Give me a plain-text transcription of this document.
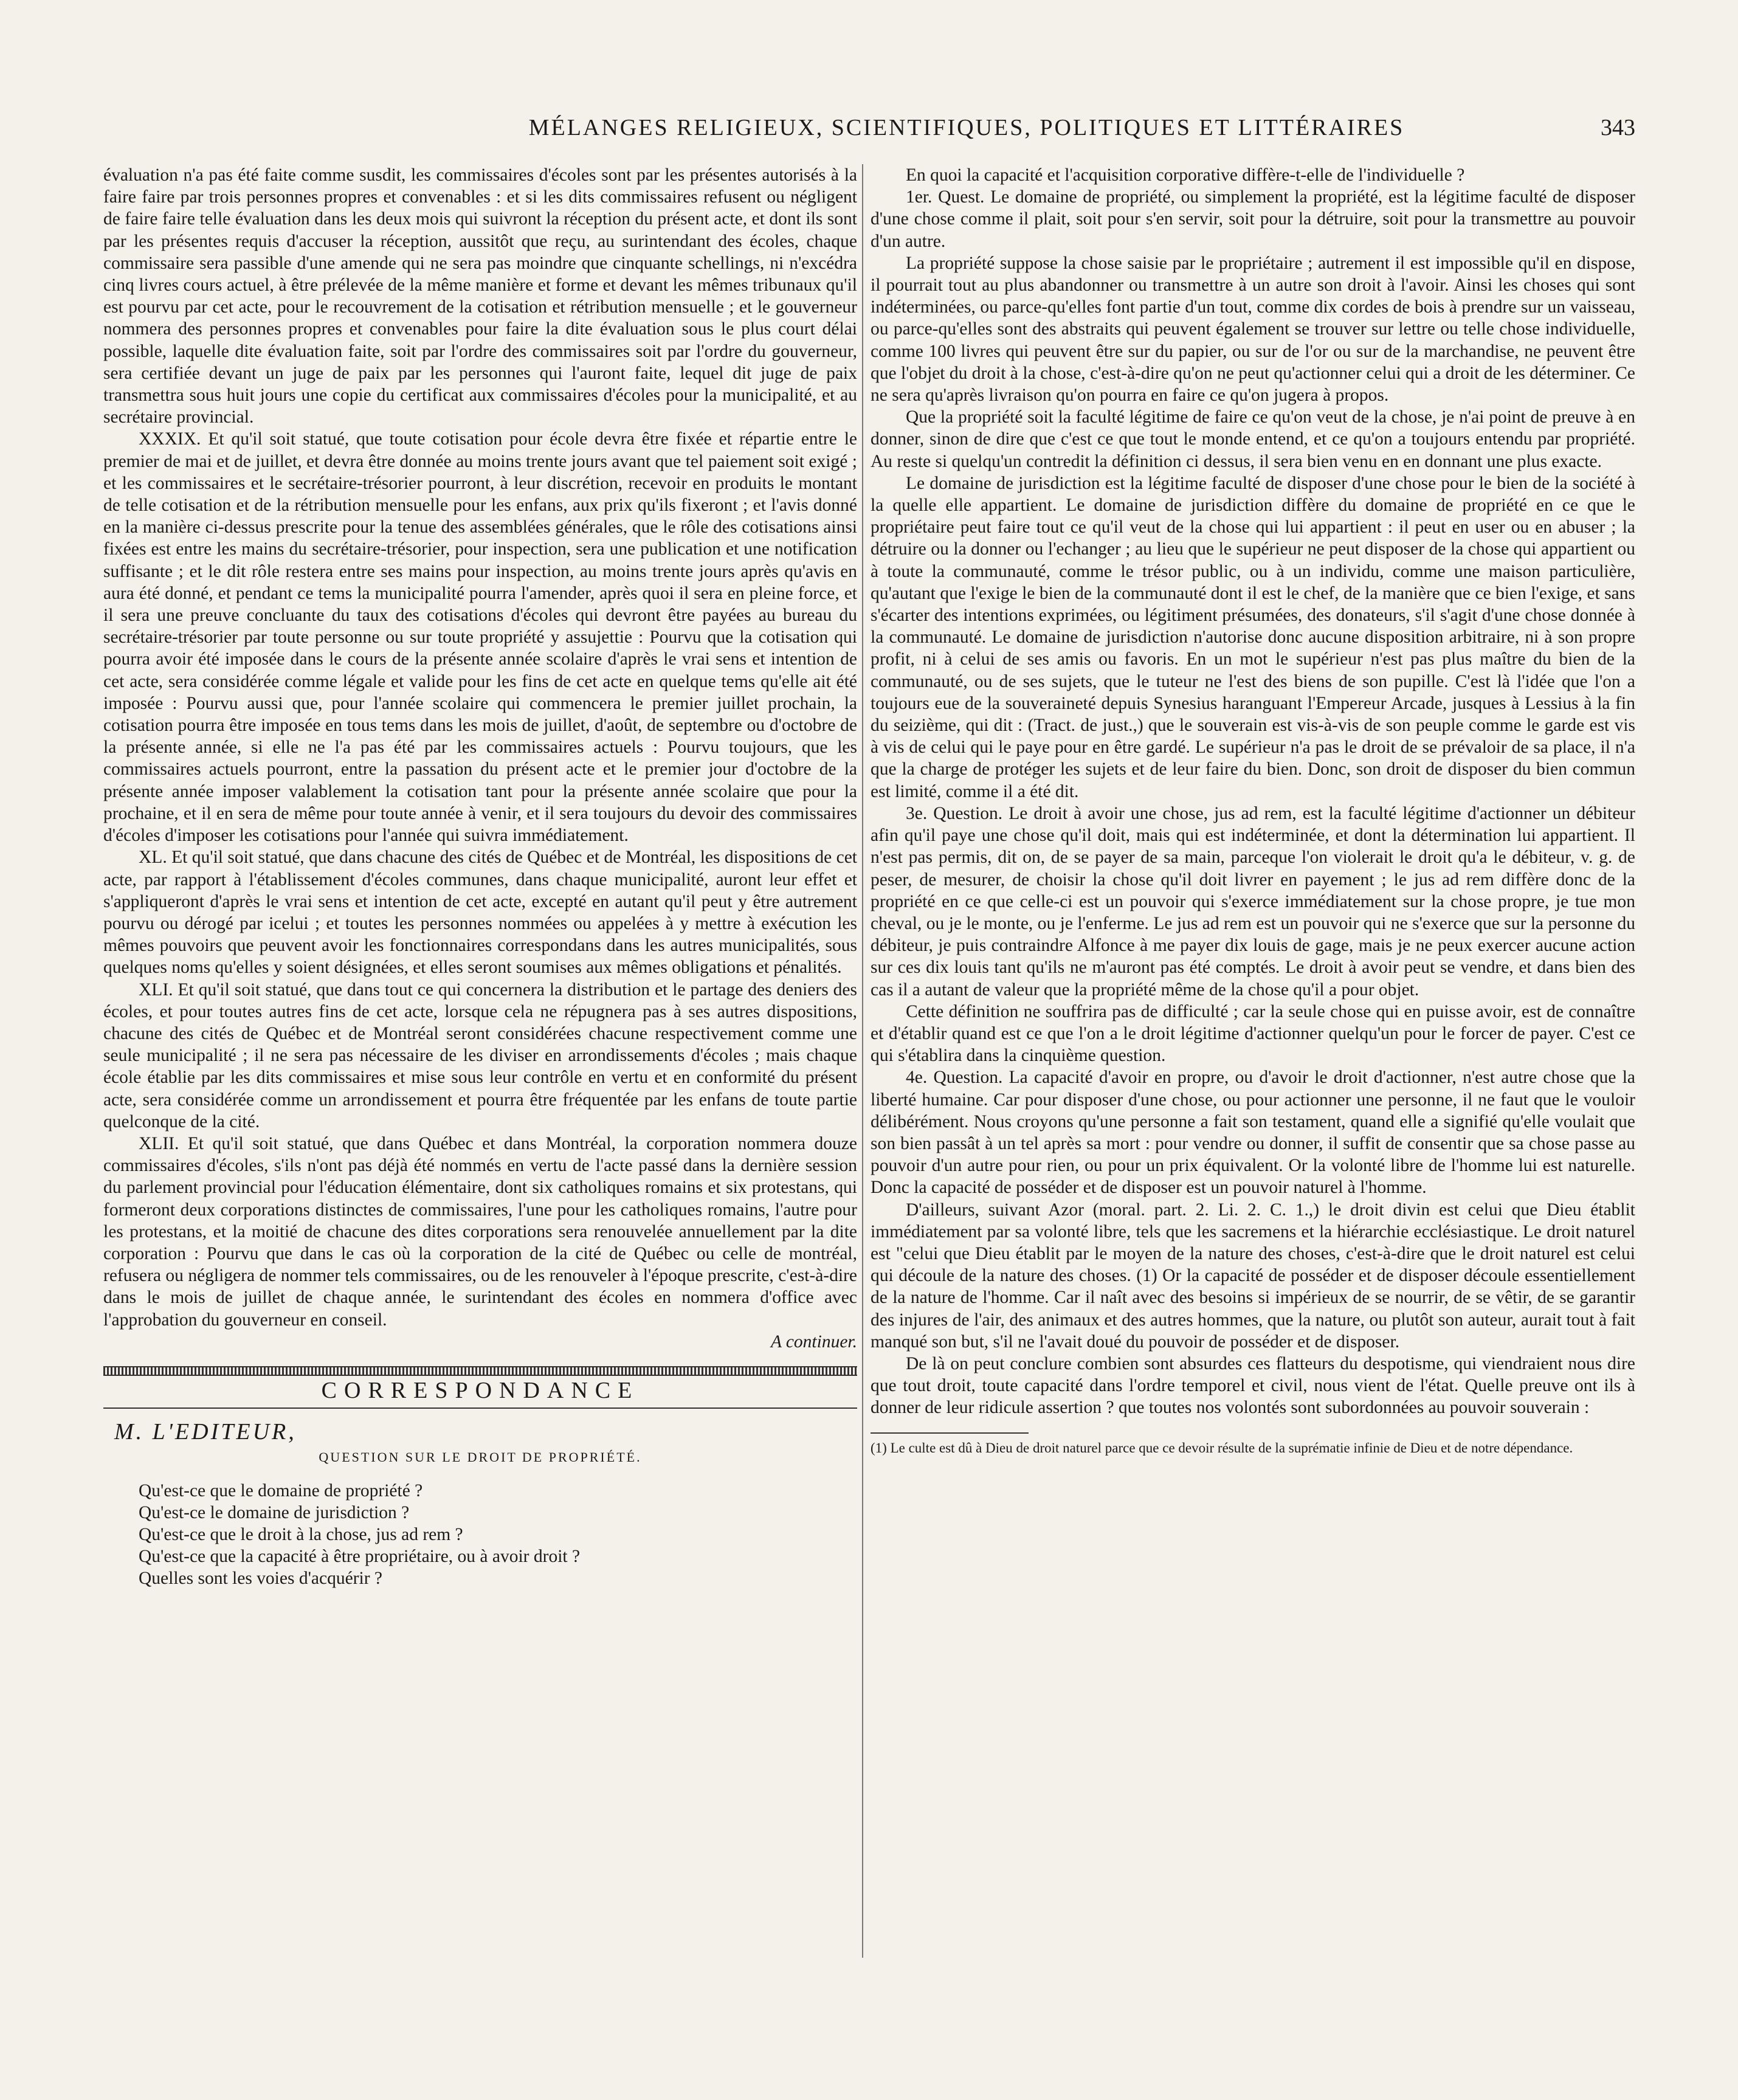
MÉLANGES RELIGIEUX, SCIENTIFIQUES, POLITIQUES ET LITTÉRAIRES	343

évaluation n'a pas été faite comme susdit, les commissaires d'écoles sont par les présentes autorisés à la faire faire par trois personnes propres et convenables : et si les dits commissaires refusent ou négligent de faire faire telle évaluation dans les deux mois qui suivront la réception du présent acte, et dont ils sont par les présentes requis d'accuser la réception, aussitôt que reçu, au surintendant des écoles, chaque commissaire sera passible d'une amende qui ne sera pas moindre que cinquante schellings, ni n'excédra cinq livres cours actuel, à être prélevée de la même manière et forme et devant les mêmes tribunaux qu'il est pourvu par cet acte, pour le recouvrement de la cotisation et rétribution mensuelle ; et le gouverneur nommera des personnes propres et convenables pour faire la dite évaluation sous le plus court délai possible, laquelle dite évaluation faite, soit par l'ordre des commissaires soit par l'ordre du gouverneur, sera certifiée devant un juge de paix par les personnes qui l'auront faite, lequel dit juge de paix transmettra sous huit jours une copie du certificat aux commissaires d'écoles pour la municipalité, et au secrétaire provincial.

XXXIX. Et qu'il soit statué, que toute cotisation pour école devra être fixée et répartie entre le premier de mai et de juillet, et devra être donnée au moins trente jours avant que tel paiement soit exigé ; et les commissaires et le secrétaire-trésorier pourront, à leur discrétion, recevoir en produits le montant de telle cotisation et de la rétribution mensuelle pour les enfans, aux prix qu'ils fixeront ; et l'avis donné en la manière ci-dessus prescrite pour la tenue des assemblées générales, que le rôle des cotisations ainsi fixées est entre les mains du secrétaire-trésorier, pour inspection, sera une publication et une notification suffisante ; et le dit rôle restera entre ses mains pour inspection, au moins trente jours après qu'avis en aura été donné, et pendant ce tems la municipalité pourra l'amender, après quoi il sera en pleine force, et il sera une preuve concluante du taux des cotisations d'écoles qui devront être payées au bureau du secrétaire-trésorier par toute personne ou sur toute propriété y assujettie : Pourvu que la cotisation qui pourra avoir été imposée dans le cours de la présente année scolaire d'après le vrai sens et intention de cet acte, sera considérée comme légale et valide pour les fins de cet acte en quelque tems qu'elle ait été imposée : Pourvu aussi que, pour l'année scolaire qui commencera le premier juillet prochain, la cotisation pourra être imposée en tous tems dans les mois de juillet, d'août, de septembre ou d'octobre de la présente année, si elle ne l'a pas été par les commissaires actuels : Pourvu toujours, que les commissaires actuels pourront, entre la passation du présent acte et le premier jour d'octobre de la présente année imposer valablement la cotisation tant pour la présente année scolaire que pour la prochaine, et il en sera de même pour toute année à venir, et il sera toujours du devoir des commissaires d'écoles d'imposer les cotisations pour l'année qui suivra immédiatement.

XL. Et qu'il soit statué, que dans chacune des cités de Québec et de Montréal, les dispositions de cet acte, par rapport à l'établissement d'écoles communes, dans chaque municipalité, auront leur effet et s'appliqueront d'après le vrai sens et intention de cet acte, excepté en autant qu'il peut y être autrement pourvu ou dérogé par icelui ; et toutes les personnes nommées ou appelées à y mettre à exécution les mêmes pouvoirs que peuvent avoir les fonctionnaires correspondans dans les autres municipalités, sous quelques noms qu'elles y soient désignées, et elles seront soumises aux mêmes obligations et pénalités.

XLI. Et qu'il soit statué, que dans tout ce qui concernera la distribution et le partage des deniers des écoles, et pour toutes autres fins de cet acte, lorsque cela ne répugnera pas à ses autres dispositions, chacune des cités de Québec et de Montréal seront considérées chacune respectivement comme une seule municipalité ; il ne sera pas nécessaire de les diviser en arrondissements d'écoles ; mais chaque école établie par les dits commissaires et mise sous leur contrôle en vertu et en conformité du présent acte, sera considérée comme un arrondissement et pourra être fréquentée par les enfans de toute partie quelconque de la cité.

XLII. Et qu'il soit statué, que dans Québec et dans Montréal, la corporation nommera douze commissaires d'écoles, s'ils n'ont pas déjà été nommés en vertu de l'acte passé dans la dernière session du parlement provincial pour l'éducation élémentaire, dont six catholiques romains et six protestans, qui formeront deux corporations distinctes de commissaires, l'une pour les catholiques romains, l'autre pour les protestans, et la moitié de chacune des dites corporations sera renouvelée annuellement par la dite corporation : Pourvu que dans le cas où la corporation de la cité de Québec ou celle de montréal, refusera ou négligera de nommer tels commissaires, ou de les renouveler à l'époque prescrite, c'est-à-dire dans le mois de juillet de chaque année, le surintendant des écoles en nommera d'office avec l'approbation du gouverneur en conseil.

A continuer.
CORRESPONDANCE
M. L'EDITEUR,
QUESTION SUR LE DROIT DE PROPRIÉTÉ.

Qu'est-ce que le domaine de propriété ?

Qu'est-ce le domaine de jurisdiction ?

Qu'est-ce que le droit à la chose, jus ad rem ?

Qu'est-ce que la capacité à être propriétaire, ou à avoir droit ?

Quelles sont les voies d'acquérir ?

En quoi la capacité et l'acquisition corporative diffère-t-elle de l'individuelle ?

1er. Quest. Le domaine de propriété, ou simplement la propriété, est la légitime faculté de disposer d'une chose comme il plait, soit pour s'en servir, soit pour la détruire, soit pour la transmettre au pouvoir d'un autre.

La propriété suppose la chose saisie par le propriétaire ; autrement il est impossible qu'il en dispose, il pourrait tout au plus abandonner ou transmettre à un autre son droit à l'avoir. Ainsi les choses qui sont indéterminées, ou parce-qu'elles font partie d'un tout, comme dix cordes de bois à prendre sur un vaisseau, ou parce-qu'elles sont des abstraits qui peuvent également se trouver sur lettre ou telle chose individuelle, comme 100 livres qui peuvent être sur du papier, ou sur de l'or ou sur de la marchandise, ne peuvent être que l'objet du droit à la chose, c'est-à-dire qu'on ne peut qu'actionner celui qui a droit de les déterminer. Ce ne sera qu'après livraison qu'on pourra en faire ce qu'on jugera à propos.

Que la propriété soit la faculté légitime de faire ce qu'on veut de la chose, je n'ai point de preuve à en donner, sinon de dire que c'est ce que tout le monde entend, et ce qu'on a toujours entendu par propriété. Au reste si quelqu'un contredit la définition ci dessus, il sera bien venu en en donnant une plus exacte.

Le domaine de jurisdiction est la légitime faculté de disposer d'une chose pour le bien de la société à la quelle elle appartient. Le domaine de jurisdiction diffère du domaine de propriété en ce que le propriétaire peut faire tout ce qu'il veut de la chose qui lui appartient : il peut en user ou en abuser ; la détruire ou la donner ou l'echanger ; au lieu que le supérieur ne peut disposer de la chose qui appartient ou à toute la communauté, comme le trésor public, ou à un individu, comme une maison particulière, qu'autant que l'exige le bien de la communauté dont il est le chef, de la manière que ce bien l'exige, et sans s'écarter des intentions exprimées, ou légitiment présumées, des donateurs, s'il s'agit d'une chose donnée à la communauté. Le domaine de jurisdiction n'autorise donc aucune disposition arbitraire, ni à son propre profit, ni à celui de ses amis ou favoris. En un mot le supérieur n'est pas plus maître du bien de la communauté, ou de ses sujets, que le tuteur ne l'est des biens de son pupille. C'est là l'idée que l'on a toujours eue de la souveraineté depuis Synesius haranguant l'Empereur Arcade, jusques à Lessius à la fin du seizième, qui dit : (Tract. de just.,) que le souverain est vis-à-vis de son peuple comme le garde est vis à vis de celui qui le paye pour en être gardé. Le supérieur n'a pas le droit de se prévaloir de sa place, il n'a que la charge de protéger les sujets et de leur faire du bien. Donc, son droit de disposer du bien commun est limité, comme il a été dit.

3e. Question. Le droit à avoir une chose, jus ad rem, est la faculté légitime d'actionner un débiteur afin qu'il paye une chose qu'il doit, mais qui est indéterminée, et dont la détermination lui appartient. Il n'est pas permis, dit on, de se payer de sa main, parceque l'on violerait le droit qu'a le débiteur, v. g. de peser, de mesurer, de choisir la chose qu'il doit livrer en payement ; le jus ad rem diffère donc de la propriété en ce que celle-ci est un pouvoir qui s'exerce immédiatement sur la chose propre, je tue mon cheval, ou je le monte, ou je l'enferme. Le jus ad rem est un pouvoir qui ne s'exerce que sur la personne du débiteur, je puis contraindre Alfonce à me payer dix louis de gage, mais je ne peux exercer aucune action sur ces dix louis tant qu'ils ne m'auront pas été comptés. Le droit à avoir peut se vendre, et dans bien des cas il a autant de valeur que la propriété même de la chose qu'il a pour objet.

Cette définition ne souffrira pas de difficulté ; car la seule chose qui en puisse avoir, est de connaître et d'établir quand est ce que l'on a le droit légitime d'actionner quelqu'un pour le forcer de payer. C'est ce qui s'établira dans la cinquième question.

4e. Question. La capacité d'avoir en propre, ou d'avoir le droit d'actionner, n'est autre chose que la liberté humaine. Car pour disposer d'une chose, ou pour actionner une personne, il ne faut que le vouloir délibérément. Nous croyons qu'une personne a fait son testament, quand elle a signifié qu'elle voulait que son bien passât à un tel après sa mort : pour vendre ou donner, il suffit de consentir que sa chose passe au pouvoir d'un autre pour rien, ou pour un prix équivalent. Or la volonté libre de l'homme lui est naturelle. Donc la capacité de posséder et de disposer est un pouvoir naturel à l'homme.

D'ailleurs, suivant Azor (moral. part. 2. Li. 2. C. 1.,) le droit divin est celui que Dieu établit immédiatement par sa volonté libre, tels que les sacremens et la hiérarchie ecclésiastique. Le droit naturel est "celui que Dieu établit par le moyen de la nature des choses, c'est-à-dire que le droit naturel est celui qui découle de la nature des choses. (1) Or la capacité de posséder et de disposer découle essentiellement de la nature de l'homme. Car il naît avec des besoins si impérieux de se nourrir, de se vêtir, de se garantir des injures de l'air, des animaux et des autres hommes, que la nature, ou plutôt son auteur, aurait tout à fait manqué son but, s'il ne l'avait doué du pouvoir de posséder et de disposer.

De là on peut conclure combien sont absurdes ces flatteurs du despotisme, qui viendraient nous dire que tout droit, toute capacité dans l'ordre temporel et civil, nous vient de l'état. Quelle preuve ont ils à donner de leur ridicule assertion ? que toutes nos volontés sont subordonnées au pouvoir souverain :

(1) Le culte est dû à Dieu de droit naturel parce que ce devoir résulte de la suprématie infinie de Dieu et de notre dépendance.
